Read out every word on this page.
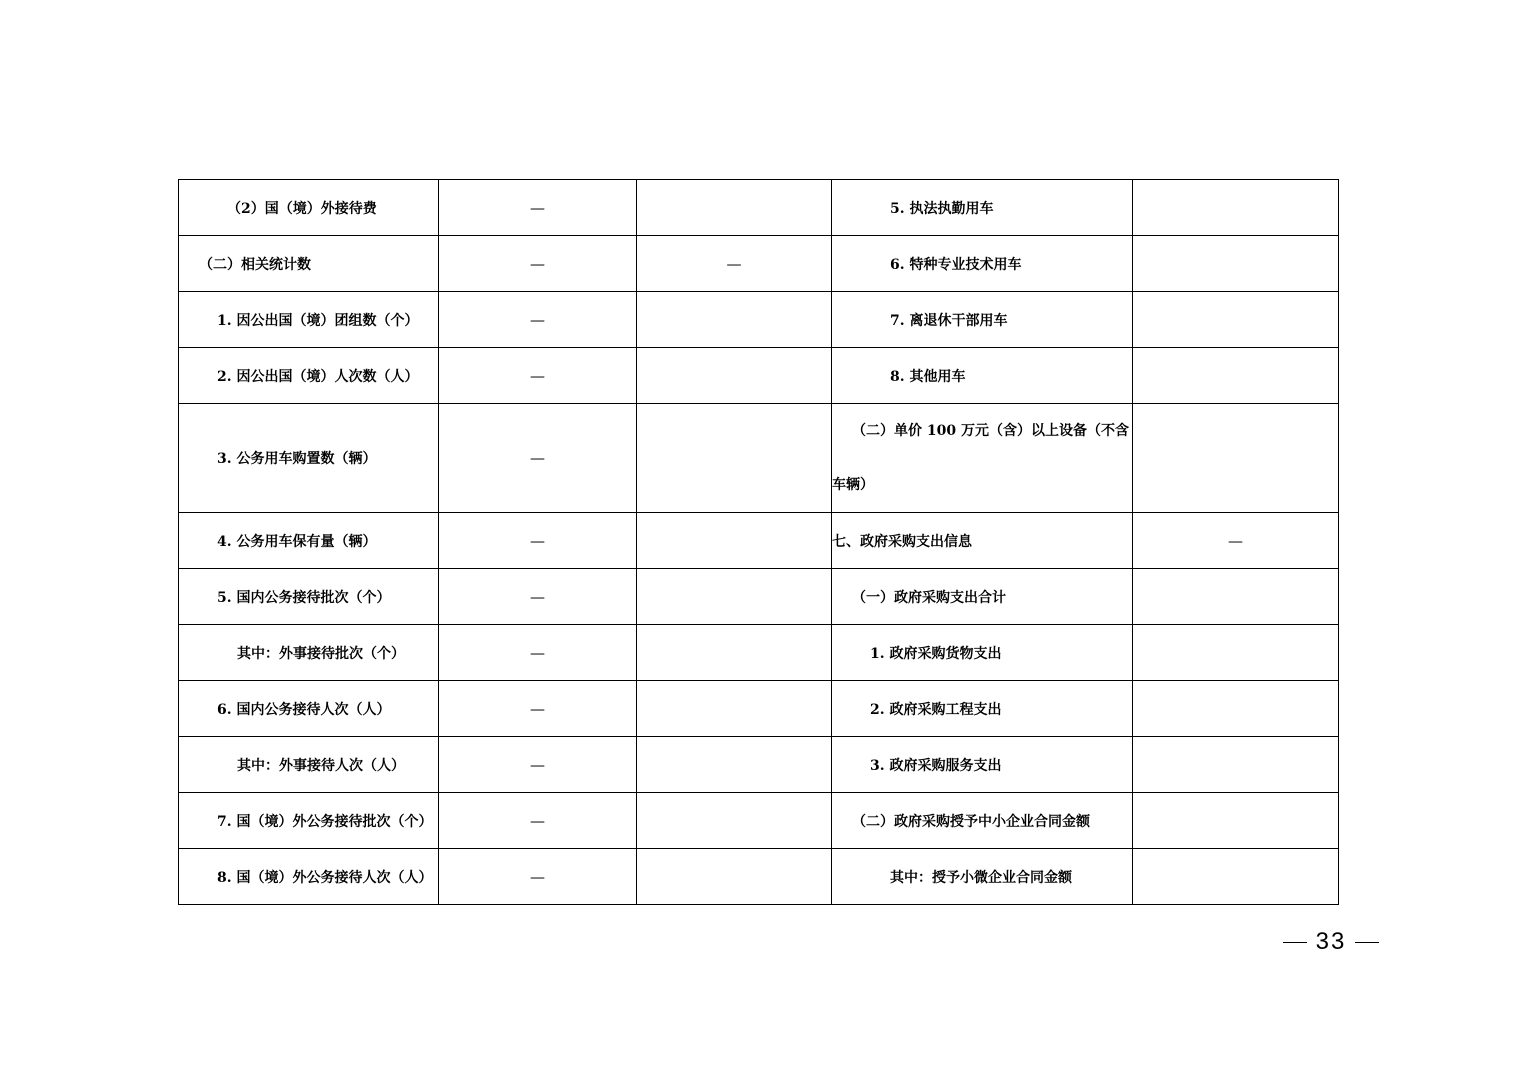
（2）国（境）外接待费	—		5. 执法执勤用车	
（二）相关统计数	—	—	6. 特种专业技术用车	
1. 因公出国（境）团组数（个）	—		7. 离退休干部用车	
2. 因公出国（境）人次数（人）	—		8. 其他用车	
3. 公务用车购置数（辆）	—		（二）单价 100 万元（含）以上设备（不含车辆）	
4. 公务用车保有量（辆）	—		七、政府采购支出信息	—
5. 国内公务接待批次（个）	—		（一）政府采购支出合计	
其中：外事接待批次（个）	—		1. 政府采购货物支出	
6. 国内公务接待人次（人）	—		2. 政府采购工程支出	
其中：外事接待人次（人）	—		3. 政府采购服务支出	
7. 国（境）外公务接待批次（个）	—		（二）政府采购授予中小企业合同金额	
8. 国（境）外公务接待人次（人）	—		其中：授予小微企业合同金额	
33
